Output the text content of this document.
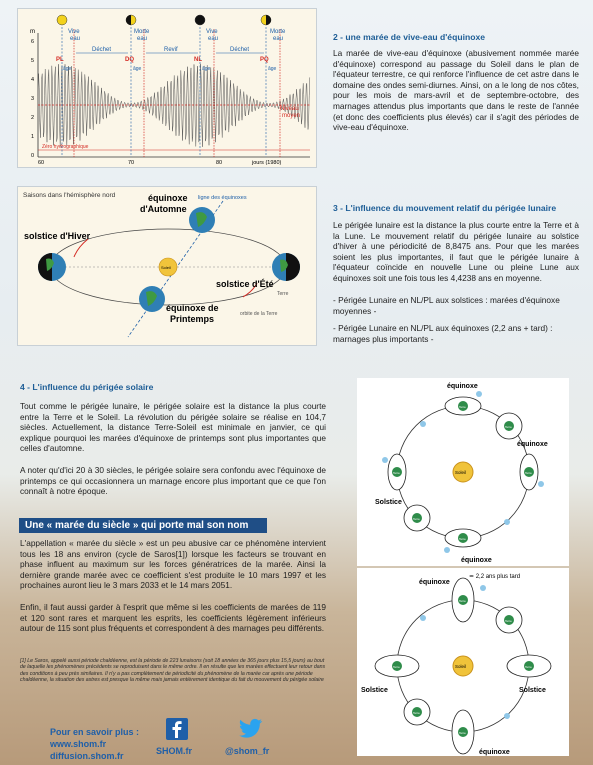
m
6
5
4
3
2
1
0
Niveau
moyen
Zéro hydrographique
60	70	80	jours (1980)
Vive
eau
Morte
eau
Vive
eau
Morte
eau
Déchet	Revif	Déchet
PL	DQ	NL	PQ
âge	âge	âge	âge
Saisons dans l'hémisphère nord	ligne des équinoxes
Soleil
solstice d'Hiver
équinoxe
d'Automne
solstice d'Été
équinoxe de
Printemps
Terre
orbite de la Terre
2 - une marée de vive-eau d'équinoxe
La marée de vive-eau d'équinoxe (abusivement nommée marée d'équinoxe) correspond au passage du Soleil dans le plan de l'équateur terrestre, ce qui renforce l'influence de cet astre dans le domaine des ondes semi-diurnes. Ainsi, on a le long de nos côtes, pour les mois de mars-avril et de septembre-octobre, des marnages attendus plus importants que dans le reste de l'année (et donc des coefficients plus élevés) car il s'agit des périodes de vive-eau d'équinoxe.
3 - L'influence du mouvement relatif du périgée lunaire
Le périgée lunaire est la distance la plus courte entre la Terre et à la Lune. Le mouvement relatif du périgée lunaire au solstice d'hiver à une périodicité de 8,8475 ans. Pour que les marées soient les plus importantes, il faut que le périgée lunaire à l'équateur coïncide en nouvelle Lune ou pleine Lune aux équinoxes soit une fois tous les 4,4238 ans en moyenne.
- Périgée Lunaire en NL/PL aux solstices : marées d'équinoxe moyennes -
- Périgée Lunaire en NL/PL aux équinoxes (2,2 ans + tard) : marnages plus importants -
4 - L'influence du périgée solaire
Tout comme le périgée lunaire, le périgée solaire est la distance la plus courte entre la Terre et le Soleil. La révolution du périgée solaire se réalise en 104,7 siècles. Actuellement, la distance Terre-Soleil est minimale en janvier, ce qui explique pourquoi les marées d'équinoxe de printemps sont plus importantes que celles d'automne.
A noter qu'd'ici 20 à 30 siècles, le périgée solaire sera confondu avec l'équinoxe de printemps ce qui occasionnera un marnage encore plus important que ce que l'on connaît à notre époque.
Une « marée du siècle » qui porte mal son nom
L'appellation « marée du siècle » est un peu abusive car ce phénomène intervient tous les 18 ans environ (cycle de Saros[1]) lorsque les facteurs se trouvant en phase influent au maximum sur les forces génératrices de la marée. Ainsi la dernière grande marée avec ce coefficient s'est produite le 10 mars 1997 et les prochaines auront lieu le 3 mars 2033 et le 14 mars 2051.
Enfin, il faut aussi garder à l'esprit que même si les coefficients de marées de 119 et 120 sont rares et marquent les esprits, les coefficients légèrement inférieurs autour de 115 sont plus fréquents et correspondent à des marnages peu différents.
[1] Le Saros, appelé aussi période chaldéenne, est la période de 223 lunaisons (soit 18 années de 365 jours plus 15,5 jours) au bout de laquelle les phénomènes précédents se reproduisent dans le même ordre. Il en résulte que les marées effectuent leur retour dans des conditions à peu près similaires. Il n'y a pas complètement de périodicité du phénomène de la marée car après une période chaldéenne, la situation des astres est presque la même mais jamais entièrement identique du fait du mouvement du périgée solaire
Soleil
Terre
Terre
Terre
Terre
Terre
Terre
équinoxe
équinoxe
équinoxe
Solstice
≃ 2,2 ans plus tard
Soleil
Terre
Terre
Terre
Terre
Terre
Terre
équinoxe
équinoxe
Solstice	Solstice
Pour en savoir plus :
www.shom.fr
diffusion.shom.fr	SHOM.fr	@shom_fr
